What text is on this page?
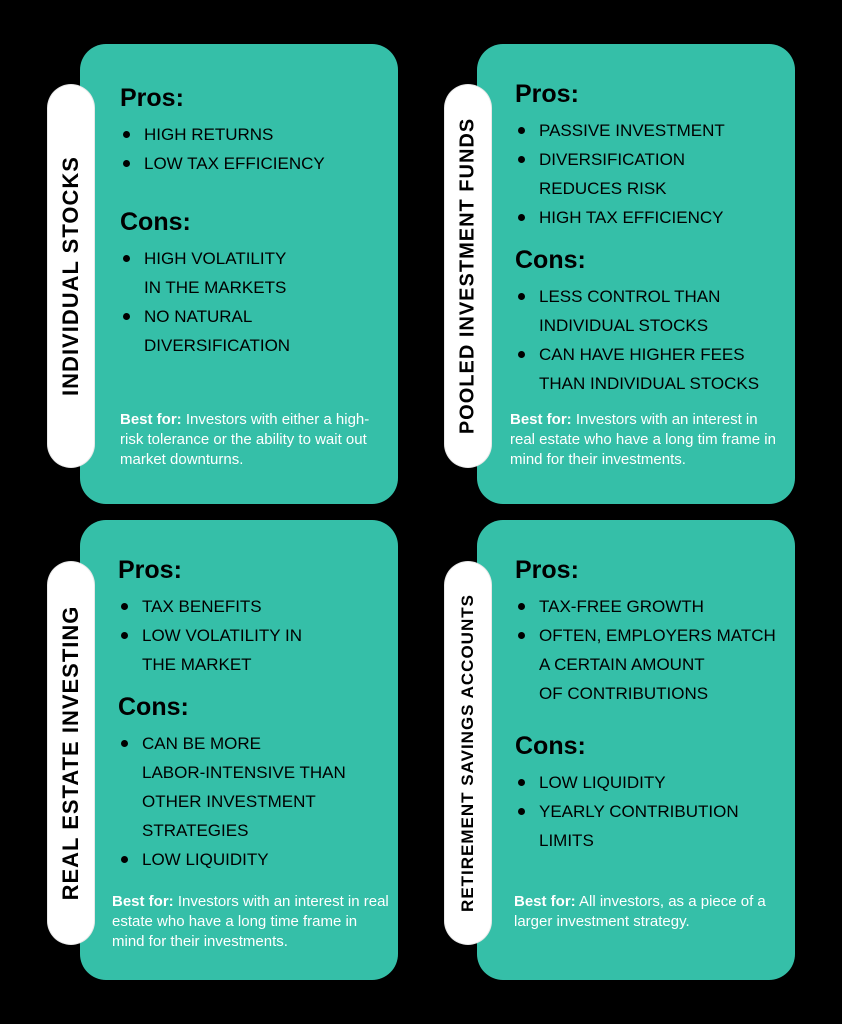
Pros:

HIGH RETURNS
LOW TAX EFFICIENCY

Cons:

HIGH VOLATILITY
IN THE MARKETS
NO NATURAL
DIVERSIFICATION
Best for: Investors with either a high-risk tolerance or the ability to wait out market downturns.
INDIVIDUAL STOCKS

Pros:

PASSIVE INVESTMENT
DIVERSIFICATION
REDUCES RISK
HIGH TAX EFFICIENCY

Cons:

LESS CONTROL THAN
INDIVIDUAL STOCKS
CAN HAVE HIGHER FEES
THAN INDIVIDUAL STOCKS
Best for: Investors with an interest in real estate who have a long tim frame in mind for their investments.
POOLED INVESTMENT FUNDS

Pros:

TAX BENEFITS
LOW VOLATILITY IN
THE MARKET

Cons:

CAN BE MORE
LABOR-INTENSIVE THAN
OTHER INVESTMENT
STRATEGIES
LOW LIQUIDITY
Best for: Investors with an interest in real estate who have a long time frame in mind for their investments.
REAL ESTATE INVESTING

Pros:

TAX-FREE GROWTH
OFTEN, EMPLOYERS MATCH
A CERTAIN AMOUNT
OF CONTRIBUTIONS

Cons:

LOW LIQUIDITY
YEARLY CONTRIBUTION
LIMITS
Best for: All investors, as a piece of a larger investment strategy.
RETIREMENT SAVINGS ACCOUNTS
